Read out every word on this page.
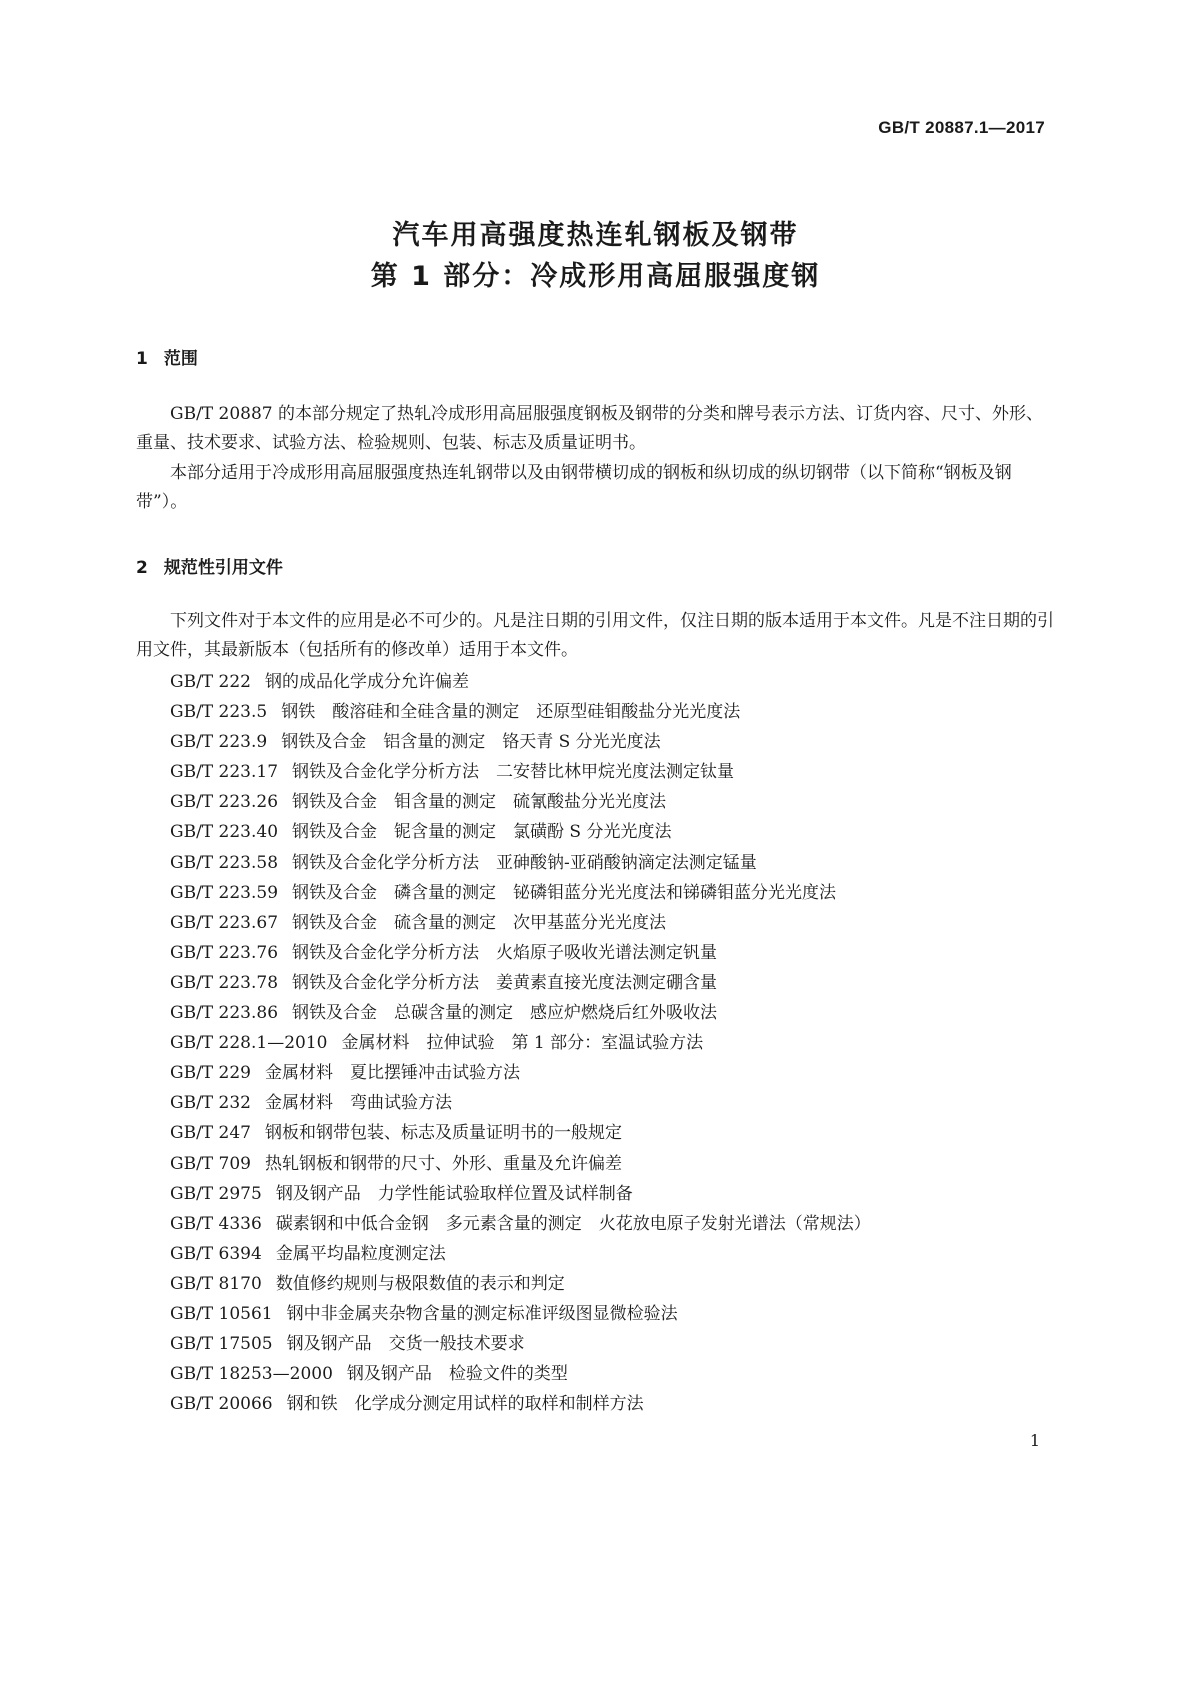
GB/T 20887.1—2017
汽车用高强度热连轧钢板及钢带
第 1 部分：冷成形用高屈服强度钢
1 范围
GB/T 20887 的本部分规定了热轧冷成形用高屈服强度钢板及钢带的分类和牌号表示方法、订货内容、尺寸、外形、重量、技术要求、试验方法、检验规则、包装、标志及质量证明书。
本部分适用于冷成形用高屈服强度热连轧钢带以及由钢带横切成的钢板和纵切成的纵切钢带（以下简称“钢板及钢带”）。
2 规范性引用文件
下列文件对于本文件的应用是必不可少的。凡是注日期的引用文件，仅注日期的版本适用于本文件。凡是不注日期的引用文件，其最新版本（包括所有的修改单）适用于本文件。
GB/T 222 钢的成品化学成分允许偏差
GB/T 223.5 钢铁　酸溶硅和全硅含量的测定　还原型硅钼酸盐分光光度法
GB/T 223.9 钢铁及合金　铝含量的测定　铬天青 S 分光光度法
GB/T 223.17 钢铁及合金化学分析方法　二安替比林甲烷光度法测定钛量
GB/T 223.26 钢铁及合金　钼含量的测定　硫氰酸盐分光光度法
GB/T 223.40 钢铁及合金　铌含量的测定　氯磺酚 S 分光光度法
GB/T 223.58 钢铁及合金化学分析方法　亚砷酸钠-亚硝酸钠滴定法测定锰量
GB/T 223.59 钢铁及合金　磷含量的测定　铋磷钼蓝分光光度法和锑磷钼蓝分光光度法
GB/T 223.67 钢铁及合金　硫含量的测定　次甲基蓝分光光度法
GB/T 223.76 钢铁及合金化学分析方法　火焰原子吸收光谱法测定钒量
GB/T 223.78 钢铁及合金化学分析方法　姜黄素直接光度法测定硼含量
GB/T 223.86 钢铁及合金　总碳含量的测定　感应炉燃烧后红外吸收法
GB/T 228.1—2010 金属材料　拉伸试验　第 1 部分：室温试验方法
GB/T 229 金属材料　夏比摆锤冲击试验方法
GB/T 232 金属材料　弯曲试验方法
GB/T 247 钢板和钢带包装、标志及质量证明书的一般规定
GB/T 709 热轧钢板和钢带的尺寸、外形、重量及允许偏差
GB/T 2975 钢及钢产品　力学性能试验取样位置及试样制备
GB/T 4336 碳素钢和中低合金钢　多元素含量的测定　火花放电原子发射光谱法（常规法）
GB/T 6394 金属平均晶粒度测定法
GB/T 8170 数值修约规则与极限数值的表示和判定
GB/T 10561 钢中非金属夹杂物含量的测定标准评级图显微检验法
GB/T 17505 钢及钢产品　交货一般技术要求
GB/T 18253—2000 钢及钢产品　检验文件的类型
GB/T 20066 钢和铁　化学成分测定用试样的取样和制样方法
1
